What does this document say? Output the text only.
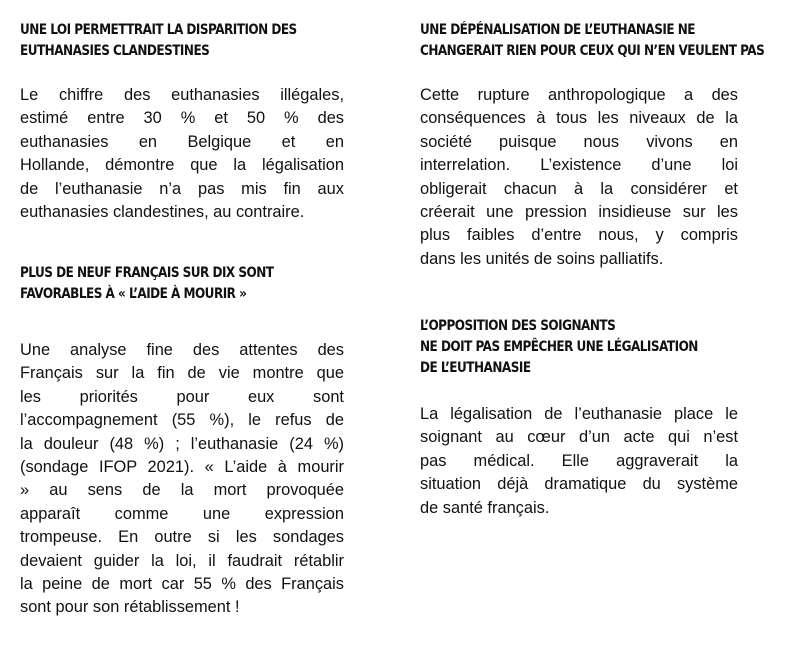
UNE LOI PERMETTRAIT LA DISPARITION DES
EUTHANASIES CLANDESTINES

Le chiffre des euthanasies illégales,
estimé entre 30 % et 50 % des
euthanasies en Belgique et en
Hollande, démontre que la légalisation
de l’euthanasie n’a pas mis fin aux
euthanasies clandestines, au contraire.

PLUS DE NEUF FRANÇAIS SUR DIX SONT
FAVORABLES À « L’AIDE À MOURIR »

Une analyse fine des attentes des
Français sur la fin de vie montre que
les priorités pour eux sont
l’accompagnement (55 %), le refus de
la douleur (48 %) ; l’euthanasie (24 %)
(sondage IFOP 2021). « L’aide à mourir
» au sens de la mort provoquée
apparaît comme une expression
trompeuse. En outre si les sondages
devaient guider la loi, il faudrait rétablir
la peine de mort car 55 % des Français
sont pour son rétablissement !

UNE DÉPÉNALISATION DE L’EUTHANASIE NE
CHANGERAIT RIEN POUR CEUX QUI N’EN VEULENT PAS

Cette rupture anthropologique a des
conséquences à tous les niveaux de la
société puisque nous vivons en
interrelation. L’existence d’une loi
obligerait chacun à la considérer et
créerait une pression insidieuse sur les
plus faibles d’entre nous, y compris
dans les unités de soins palliatifs.

L’OPPOSITION DES SOIGNANTS
NE DOIT PAS EMPÊCHER UNE LÉGALISATION
DE L’EUTHANASIE

La légalisation de l’euthanasie place le
soignant au cœur d’un acte qui n’est
pas médical. Elle aggraverait la
situation déjà dramatique du système
de santé français.
